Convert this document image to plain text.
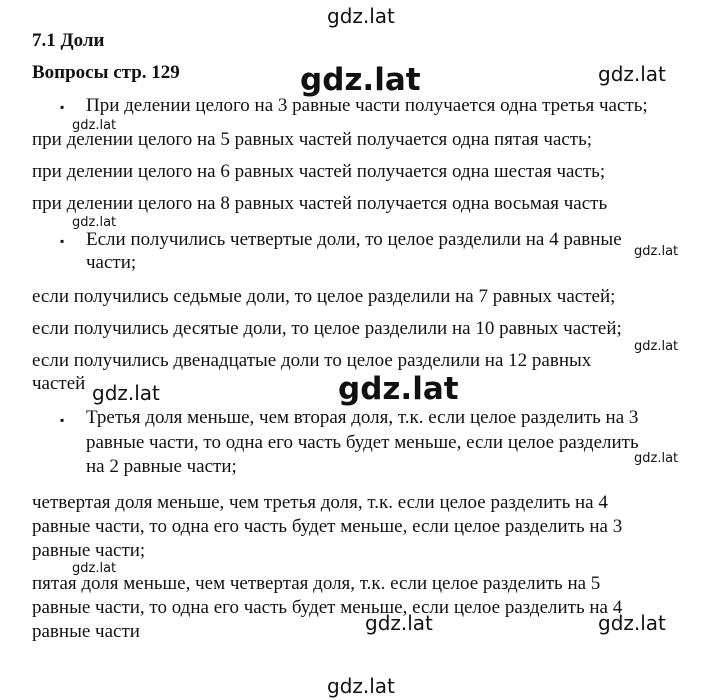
7.1 Доли
Вопросы стр. 129
▪ При делении целого на 3 равные части получается одна третья часть;
при делении целого на 5 равных частей получается одна пятая часть;
при делении целого на 6 равных частей получается одна шестая часть;
при делении целого на 8 равных частей получается одна восьмая часть
▪ Если получились четвертые доли, то целое разделили на 4 равные
части;
если получились седьмые доли, то целое разделили на 7 равных частей;
если получились десятые доли, то целое разделили на 10 равных частей;
если получились двенадцатые доли то целое разделили на 12 равных
частей
▪ Третья доля меньше, чем вторая доля, т.к. если целое разделить на 3
равные части, то одна его часть будет меньше, если целое разделить
на 2 равные части;
четвертая доля меньше, чем третья доля, т.к. если целое разделить на 4
равные части, то одна его часть будет меньше, если целое разделить на 3
равные части;
пятая доля меньше, чем четвертая доля, т.к. если целое разделить на 5
равные части, то одна его часть будет меньше, если целое разделить на 4
равные части
gdz.lat
gdz.lat	gdz.lat
gdz.lat
gdz.lat
gdz.lat
gdz.lat
gdz.lat	gdz.lat
gdz.lat
gdz.lat
gdz.lat	gdz.lat
gdz.lat
